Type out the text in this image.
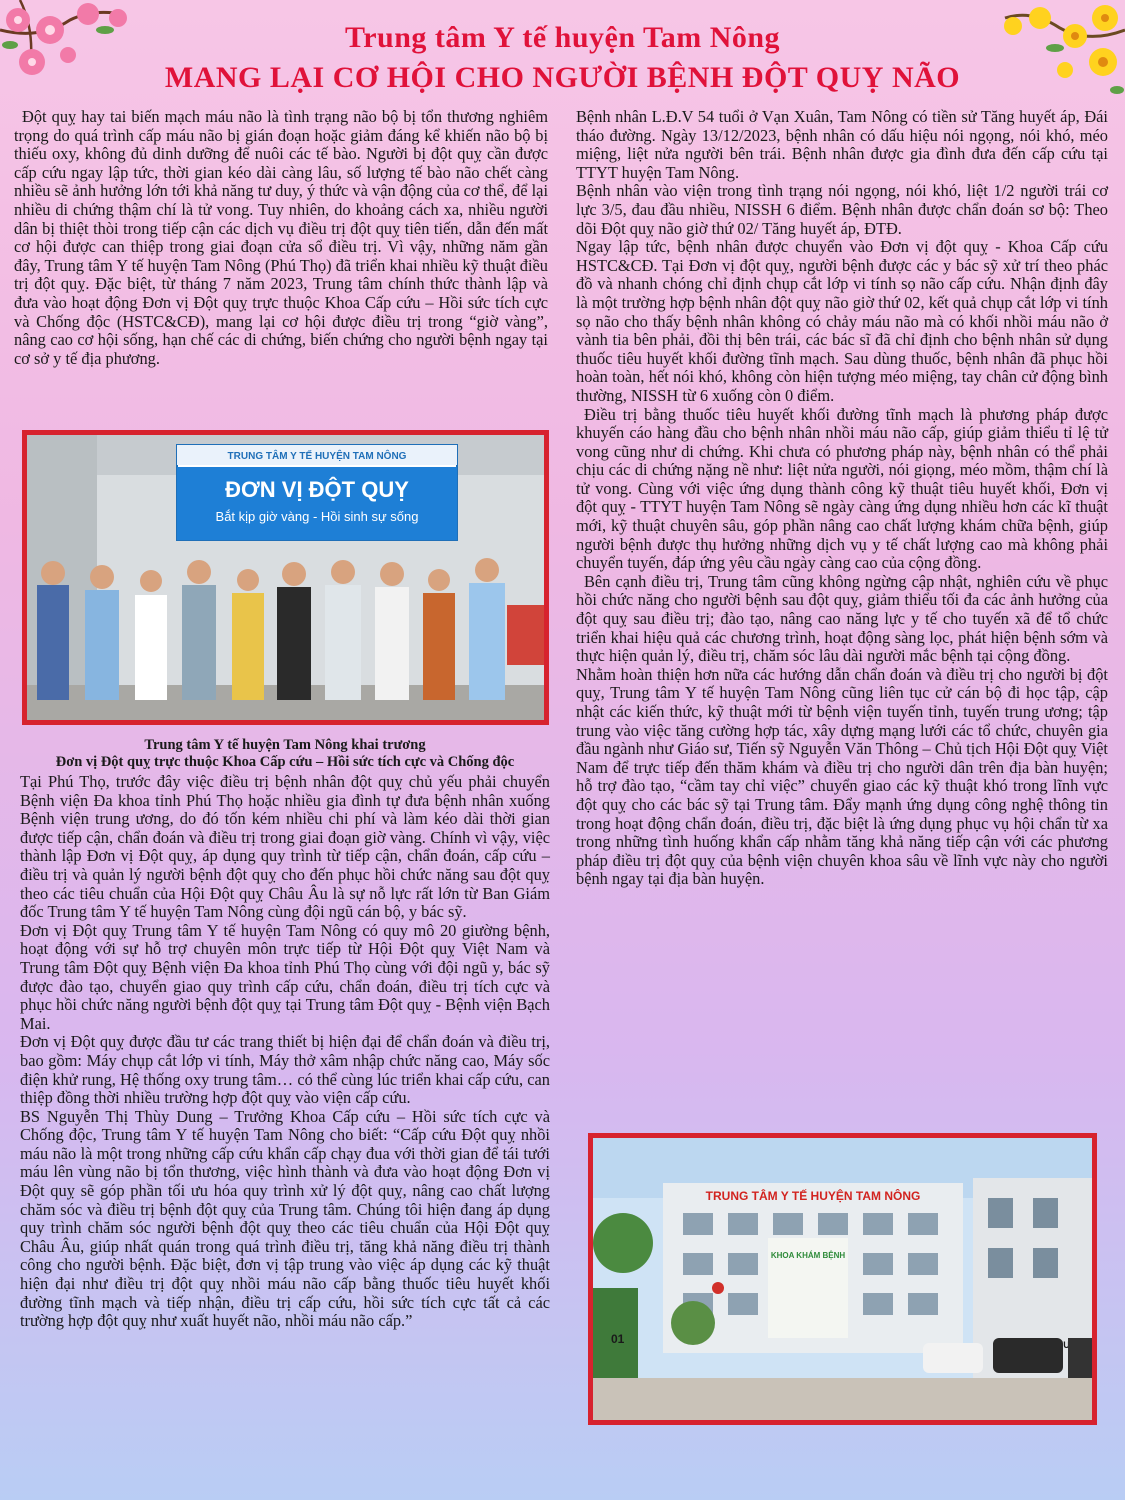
Trung tâm Y tế huyện Tam Nông
MANG LẠI CƠ HỘI CHO NGƯỜI BỆNH ĐỘT QUỴ NÃO

Đột quỵ hay tai biến mạch máu não là tình trạng não bộ bị tổn thương nghiêm trọng do quá trình cấp máu não bị gián đoạn hoặc giảm đáng kể khiến não bộ bị thiếu oxy, không đủ dinh dưỡng để nuôi các tế bào. Người bị đột quỵ cần được cấp cứu ngay lập tức, thời gian kéo dài càng lâu, số lượng tế bào não chết càng nhiều sẽ ảnh hưởng lớn tới khả năng tư duy, ý thức và vận động của cơ thể, để lại nhiều di chứng thậm chí là tử vong. Tuy nhiên, do khoảng cách xa, nhiều người dân bị thiệt thòi trong tiếp cận các dịch vụ điều trị đột quỵ tiên tiến, dẫn đến mất cơ hội được can thiệp trong giai đoạn cửa sổ điều trị. Vì vậy, những năm gần đây, Trung tâm Y tế huyện Tam Nông (Phú Thọ) đã triển khai nhiều kỹ thuật điều trị đột quỵ. Đặc biệt, từ tháng 7 năm 2023, Trung tâm chính thức thành lập và đưa vào hoạt động Đơn vị Đột quỵ trực thuộc Khoa Cấp cứu – Hồi sức tích cực và Chống độc (HSTC&CĐ), mang lại cơ hội được điều trị trong “giờ vàng”, nâng cao cơ hội sống, hạn chế các di chứng, biến chứng cho người bệnh ngay tại cơ sở y tế địa phương.

TRUNG TÂM Y TẾ HUYỆN TAM NÔNG
ĐƠN VỊ ĐỘT QUỴ
Bắt kịp giờ vàng - Hồi sinh sự sống
Trung tâm Y tế huyện Tam Nông khai trương
Đơn vị Đột quỵ trực thuộc Khoa Cấp cứu – Hồi sức tích cực và Chống độc

Tại Phú Thọ, trước đây việc điều trị bệnh nhân đột quỵ chủ yếu phải chuyển Bệnh viện Đa khoa tỉnh Phú Thọ hoặc nhiều gia đình tự đưa bệnh nhân xuống Bệnh viện trung ương, do đó tốn kém nhiều chi phí và làm kéo dài thời gian được tiếp cận, chẩn đoán và điều trị trong giai đoạn giờ vàng. Chính vì vậy, việc thành lập Đơn vị Đột quỵ, áp dụng quy trình từ tiếp cận, chẩn đoán, cấp cứu – điều trị và quản lý người bệnh đột quỵ cho đến phục hồi chức năng sau đột quỵ theo các tiêu chuẩn của Hội Đột quỵ Châu Âu là sự nỗ lực rất lớn từ Ban Giám đốc Trung tâm Y tế huyện Tam Nông cùng đội ngũ cán bộ, y bác sỹ.

Đơn vị Đột quỵ Trung tâm Y tế huyện Tam Nông có quy mô 20 giường bệnh, hoạt động với sự hỗ trợ chuyên môn trực tiếp từ Hội Đột quỵ Việt Nam và Trung tâm Đột quỵ Bệnh viện Đa khoa tỉnh Phú Thọ cùng với đội ngũ y, bác sỹ được đào tạo, chuyển giao quy trình cấp cứu, chẩn đoán, điều trị tích cực và phục hồi chức năng người bệnh đột quỵ tại Trung tâm Đột quỵ - Bệnh viện Bạch Mai.

Đơn vị Đột quỵ được đầu tư các trang thiết bị hiện đại để chẩn đoán và điều trị, bao gồm: Máy chụp cắt lớp vi tính, Máy thở xâm nhập chức năng cao, Máy sốc điện khử rung, Hệ thống oxy trung tâm… có thể cùng lúc triển khai cấp cứu, can thiệp đồng thời nhiều trường hợp đột quỵ vào viện cấp cứu.

BS Nguyễn Thị Thùy Dung – Trưởng Khoa Cấp cứu – Hồi sức tích cực và Chống độc, Trung tâm Y tế huyện Tam Nông cho biết: “Cấp cứu Đột quỵ nhồi máu não là một trong những cấp cứu khẩn cấp chạy đua với thời gian để tái tưới máu lên vùng não bị tổn thương, việc hình thành và đưa vào hoạt động Đơn vị Đột quỵ sẽ góp phần tối ưu hóa quy trình xử lý đột quỵ, nâng cao chất lượng chăm sóc và điều trị bệnh đột quỵ của Trung tâm. Chúng tôi hiện đang áp dụng quy trình chăm sóc người bệnh đột quỵ theo các tiêu chuẩn của Hội Đột quỵ Châu Âu, giúp nhất quán trong quá trình điều trị, tăng khả năng điều trị thành công cho người bệnh. Đặc biệt, đơn vị tập trung vào việc áp dụng các kỹ thuật hiện đại như điều trị đột quỵ nhồi máu não cấp bằng thuốc tiêu huyết khối đường tĩnh mạch và tiếp nhận, điều trị cấp cứu, hồi sức tích cực tất cả các trường hợp đột quỵ như xuất huyết não, nhồi máu não cấp.”

Bệnh nhân L.Đ.V 54 tuổi ở Vạn Xuân, Tam Nông có tiền sử Tăng huyết áp, Đái tháo đường. Ngày 13/12/2023, bệnh nhân có dấu hiệu nói ngọng, nói khó, méo miệng, liệt nửa người bên trái. Bệnh nhân được gia đình đưa đến cấp cứu tại TTYT huyện Tam Nông.

Bệnh nhân vào viện trong tình trạng nói ngọng, nói khó, liệt 1/2 người trái cơ lực 3/5, đau đầu nhiều, NISSH 6 điểm. Bệnh nhân được chẩn đoán sơ bộ: Theo dõi Đột quỵ não giờ thứ 02/ Tăng huyết áp, ĐTĐ.

Ngay lập tức, bệnh nhân được chuyển vào Đơn vị đột quỵ - Khoa Cấp cứu HSTC&CĐ. Tại Đơn vị đột quỵ, người bệnh được các y bác sỹ xử trí theo phác đồ và nhanh chóng chỉ định chụp cắt lớp vi tính sọ não cấp cứu. Nhận định đây là một trường hợp bệnh nhân đột quỵ não giờ thứ 02, kết quả chụp cắt lớp vi tính sọ não cho thấy bệnh nhân không có chảy máu não mà có khối nhồi máu não ở vành tia bên phải, đồi thị bên trái, các bác sĩ đã chỉ định cho bệnh nhân sử dụng thuốc tiêu huyết khối đường tĩnh mạch. Sau dùng thuốc, bệnh nhân đã phục hồi hoàn toàn, hết nói khó, không còn hiện tượng méo miệng, tay chân cử động bình thường, NISSH từ 6 xuống còn 0 điểm.

Điều trị bằng thuốc tiêu huyết khối đường tĩnh mạch là phương pháp được khuyến cáo hàng đầu cho bệnh nhân nhồi máu não cấp, giúp giảm thiểu tỉ lệ tử vong cũng như di chứng. Khi chưa có phương pháp này, bệnh nhân có thể phải chịu các di chứng nặng nề như: liệt nửa người, nói giọng, méo mồm, thậm chí là tử vong. Cùng với việc ứng dụng thành công kỹ thuật tiêu huyết khối, Đơn vị đột quỵ - TTYT huyện Tam Nông sẽ ngày càng ứng dụng nhiều hơn các kĩ thuật mới, kỹ thuật chuyên sâu, góp phần nâng cao chất lượng khám chữa bệnh, giúp người bệnh được thụ hưởng những dịch vụ y tế chất lượng cao mà không phải chuyển tuyến, đáp ứng yêu cầu ngày càng cao của cộng đồng.

Bên cạnh điều trị, Trung tâm cũng không ngừng cập nhật, nghiên cứu về phục hồi chức năng cho người bệnh sau đột quỵ, giảm thiểu tối đa các ảnh hưởng của đột quỵ sau điều trị; đào tạo, nâng cao năng lực y tế cho tuyến xã để tổ chức triển khai hiệu quả các chương trình, hoạt động sàng lọc, phát hiện bệnh sớm và thực hiện quản lý, điều trị, chăm sóc lâu dài người mắc bệnh tại cộng đồng.

Nhằm hoàn thiện hơn nữa các hướng dẫn chẩn đoán và điều trị cho người bị đột quỵ, Trung tâm Y tế huyện Tam Nông cũng liên tục cử cán bộ đi học tập, cập nhật các kiến thức, kỹ thuật mới từ bệnh viện tuyến tỉnh, tuyến trung ương; tập trung vào việc tăng cường hợp tác, xây dựng mạng lưới các tổ chức, chuyên gia đầu ngành như Giáo sư, Tiến sỹ Nguyễn Văn Thông – Chủ tịch Hội Đột quỵ Việt Nam để trực tiếp đến thăm khám và điều trị cho người dân trên địa bàn huyện; hỗ trợ đào tạo, “cầm tay chỉ việc” chuyển giao các kỹ thuật khó trong lĩnh vực đột quỵ cho các bác sỹ tại Trung tâm. Đẩy mạnh ứng dụng công nghệ thông tin trong hoạt động chẩn đoán, điều trị, đặc biệt là ứng dụng phục vụ hội chẩn từ xa trong những tình huống khẩn cấp nhằm tăng khả năng tiếp cận với các phương pháp điều trị đột quỵ của bệnh viện chuyên khoa sâu về lĩnh vực này cho người bệnh ngay tại địa bàn huyện.

TRUNG TÂM Y TẾ HUYỆN TAM NÔNG
KHOA KHÁM BỆNH
01
